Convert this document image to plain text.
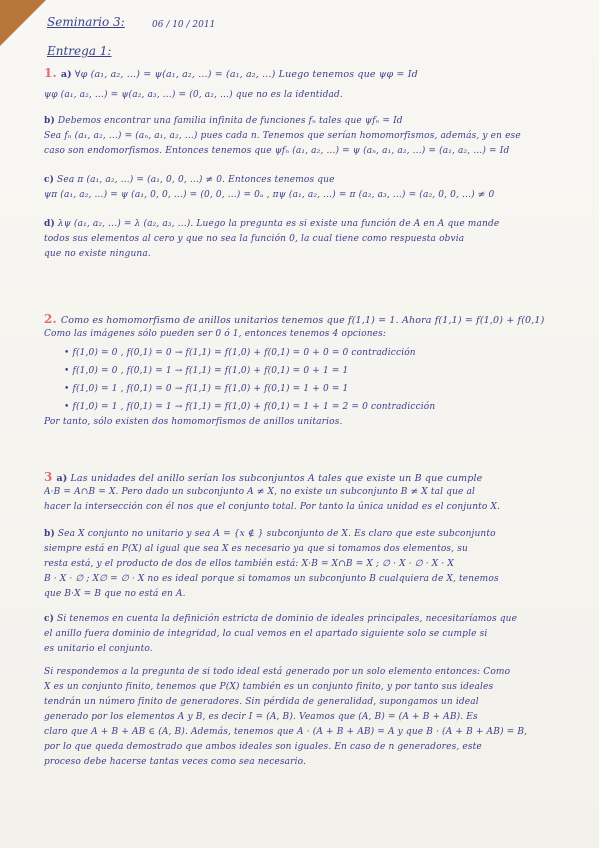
Seminario 3:	06 / 10 / 2011
Entrega 1:
1. a) ∀φ (a₁, a₂, ...) = ψ(a₁, a₂, ...) = (a₁, a₂, ...) Luego tenemos que ψφ = Id
ψφ (a₁, a₂, ...) = ψ(a₂, a₃, ...) = (0, a₂, ...) que no es la identidad.
b) Debemos encontrar una familia infinita de funciones fₙ tales que ψfₙ = Id
Sea fₙ (a₁, a₂, ...) = (aₙ, a₁, a₂, ...) pues cada n. Tenemos que serían homomorfismos, además, y en ese
caso son endomorfismos. Entonces tenemos que ψfₙ (a₁, a₂, ...) = ψ (aₙ, a₁, a₂, ...) = (a₁, a₂, ...) = Id
c) Sea π (a₁, a₂, ...) = (a₁, 0, 0, ...) ≠ 0. Entonces tenemos que
ψπ (a₁, a₂, ...) = ψ (a₁, 0, 0, ...) = (0, 0, ...) = 0ₐ , πψ (a₁, a₂, ...) = π (a₂, a₃, ...) = (a₂, 0, 0, ...) ≠ 0
d) λψ (a₁, a₂, ...) = λ (a₂, a₃, ...). Luego la pregunta es si existe una función de A en A que mande
todos sus elementos al cero y que no sea la función 0, la cual tiene como respuesta obvia
que no existe ninguna.
2. Como es homomorfismo de anillos unitarios tenemos que f(1,1) = 1. Ahora f(1,1) = f(1,0) + f(0,1)
Como las imágenes sólo pueden ser 0 ó 1, entonces tenemos 4 opciones:
• f(1,0) = 0 , f(0,1) = 0 → f(1,1) = f(1,0) + f(0,1) = 0 + 0 = 0 contradicción
• f(1,0) = 0 , f(0,1) = 1 → f(1,1) = f(1,0) + f(0,1) = 0 + 1 = 1
• f(1,0) = 1 , f(0,1) = 0 → f(1,1) = f(1,0) + f(0,1) = 1 + 0 = 1
• f(1,0) = 1 , f(0,1) = 1 → f(1,1) = f(1,0) + f(0,1) = 1 + 1 = 2 = 0 contradicción
Por tanto, sólo existen dos homomorfismos de anillos unitarios.
3 a) Las unidades del anillo serían los subconjuntos A tales que existe un B que cumple
A·B = A∩B = X. Pero dado un subconjunto A ≠ X, no existe un subconjunto B ≠ X tal que al
hacer la intersección con él nos que el conjunto total. Por tanto la única unidad es el conjunto X.
b) Sea X conjunto no unitario y sea A = {x ∉ } subconjunto de X. Es claro que este subconjunto
siempre está en P(X) al igual que sea X es necesario ya que si tomamos dos elementos, su
resta está, y el producto de dos de ellos también está: X·B = X∩B = X ; ∅ · X · ∅ · X · X
B · X · ∅ ; X∅ = ∅ · X no es ideal porque si tomamos un subconjunto B cualquiera de X, tenemos
que B·X = B que no está en A.
c) Si tenemos en cuenta la definición estricta de dominio de ideales principales, necesitaríamos que
el anillo fuera dominio de integridad, lo cual vemos en el apartado siguiente solo se cumple si
es unitario el conjunto.
Si respondemos a la pregunta de si todo ideal está generado por un solo elemento entonces: Como
X es un conjunto finito, tenemos que P(X) también es un conjunto finito, y por tanto sus ideales
tendrán un número finito de generadores. Sin pérdida de generalidad, supongamos un ideal
generado por los elementos A y B, es decir I = (A, B). Veamos que (A, B) = (A + B + AB). Es
claro que A + B + AB ∈ (A, B). Además, tenemos que A · (A + B + AB) = A y que B · (A + B + AB) = B,
por lo que queda demostrado que ambos ideales son iguales. En caso de n generadores, este
proceso debe hacerse tantas veces como sea necesario.
